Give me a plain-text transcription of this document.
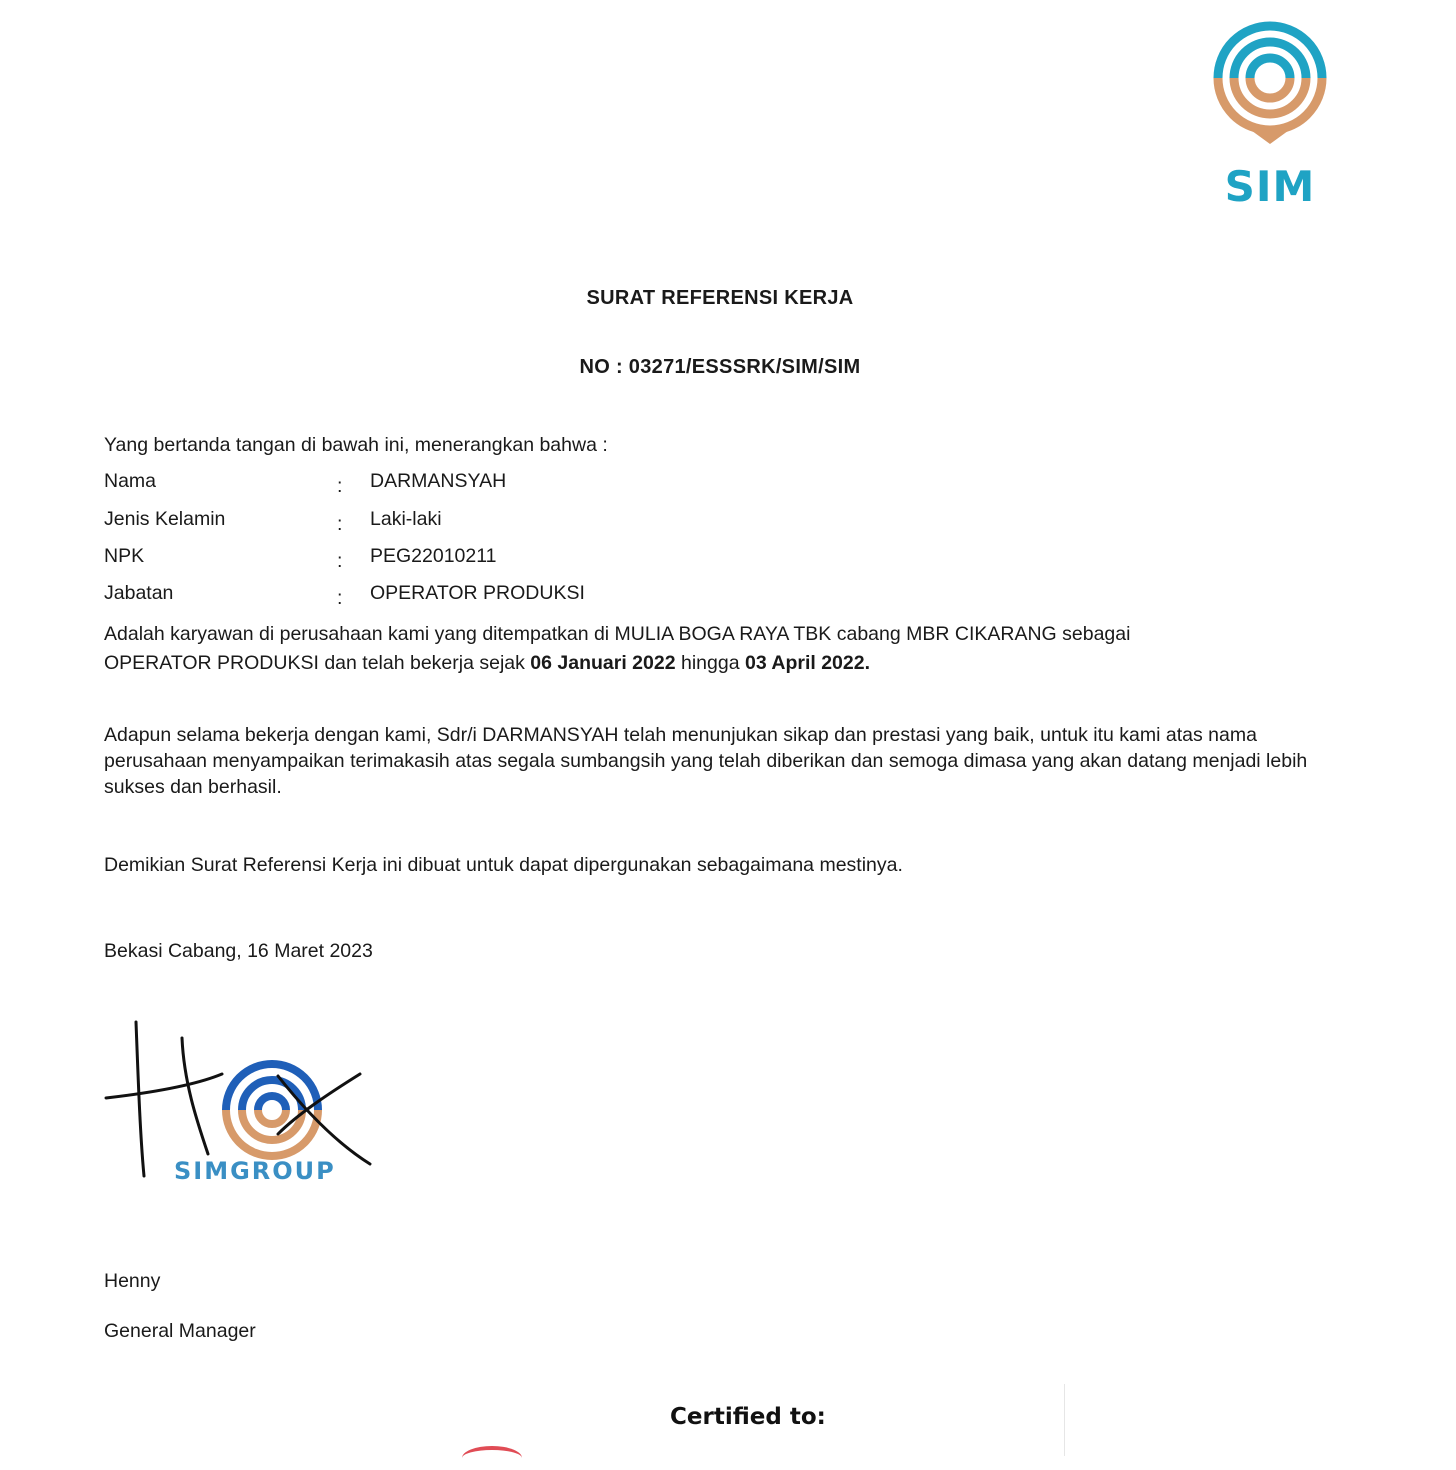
SIM
SURAT REFERENSI KERJA
NO : 03271/ESSSRK/SIM/SIM
Yang bertanda tangan di bawah ini, menerangkan bahwa :
Nama	: DARMANSYAH
Jenis Kelamin	: Laki-laki
NPK	: PEG22010211
Jabatan	: OPERATOR PRODUKSI
Adalah karyawan di perusahaan kami yang ditempatkan di MULIA BOGA RAYA TBK cabang MBR CIKARANG sebagai
OPERATOR PRODUKSI dan telah bekerja sejak 06 Januari 2022 hingga 03 April 2022.
Adapun selama bekerja dengan kami, Sdr/i DARMANSYAH telah menunjukan sikap dan prestasi yang baik, untuk itu kami atas nama perusahaan menyampaikan terimakasih atas segala sumbangsih yang telah diberikan dan semoga dimasa yang akan datang menjadi lebih sukses dan berhasil.
Demikian Surat Referensi Kerja ini dibuat untuk dapat dipergunakan sebagaimana mestinya.
Bekasi Cabang, 16 Maret 2023
SIMGROUP
Henny
General Manager
Certified to:
